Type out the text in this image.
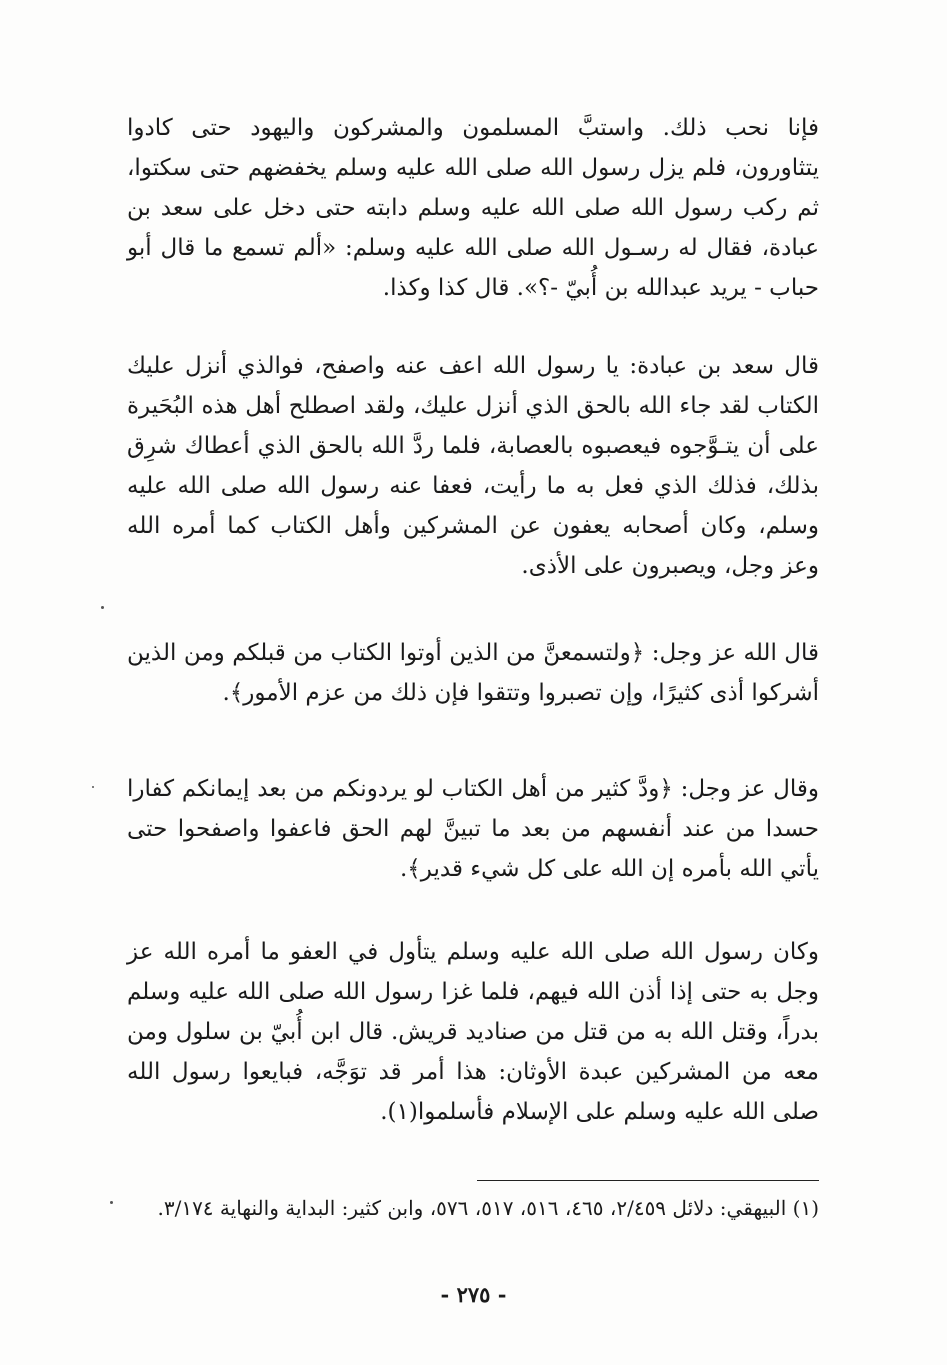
فإنا نحب ذلك. واستبَّ المسلمون والمشركون واليهود حتى كادوا يتثاورون، فلم يزل رسول الله صلى الله عليه وسلم يخفضهم حتى سكتوا، ثم ركب رسول الله صلى الله عليه وسلم دابته حتى دخل على سعد بن عبادة، فقال له رسـول الله صلى الله عليه وسلم: «ألم تسمع ما قال أبو حباب - يريد عبدالله بن أُبيّ -؟». قال كذا وكذا.
قال سعد بن عبادة: يا رسول الله اعف عنه واصفح، فوالذي أنزل عليك الكتاب لقد جاء الله بالحق الذي أنزل عليك، ولقد اصطلح أهل هذه البُحَيرة على أن يتـوَّجوه فيعصبوه بالعصابة، فلما ردَّ الله بالحق الذي أعطاك شرِق بذلك، فذلك الذي فعل به ما رأيت، فعفا عنه رسول الله صلى الله عليه وسلم، وكان أصحابه يعفون عن المشركين وأهل الكتاب كما أمره الله وعز وجل، ويصبرون على الأذى.
قال الله عز وجل: ﴿ولتسمعنَّ من الذين أوتوا الكتاب من قبلكم ومن الذين أشركوا أذى كثيرًا، وإن تصبروا وتتقوا فإن ذلك من عزم الأمور﴾.
وقال عز وجل: ﴿ودَّ كثير من أهل الكتاب لو يردونكم من بعد إيمانكم كفارا حسدا من عند أنفسهم من بعد ما تبينَّ لهم الحق فاعفوا واصفحوا حتى يأتي الله بأمره إن الله على كل شيء قدير﴾.
وكان رسول الله صلى الله عليه وسلم يتأول في العفو ما أمره الله عز وجل به حتى إذا أذن الله فيهم، فلما غزا رسول الله صلى الله عليه وسلم بدراً، وقتل الله به من قتل من صناديد قريش. قال ابن أُبيّ بن سلول ومن معه من المشركين عبدة الأوثان: هذا أمر قد توَجَّه، فبايعوا رسول الله صلى الله عليه وسلم على الإسلام فأسلموا(١).
(١) البيهقي: دلائل ٢/٤٥٩، ٤٦٥، ٥١٦، ٥١٧، ٥٧٦، وابن كثير: البداية والنهاية ٣/١٧٤.
- ٢٧٥ -
